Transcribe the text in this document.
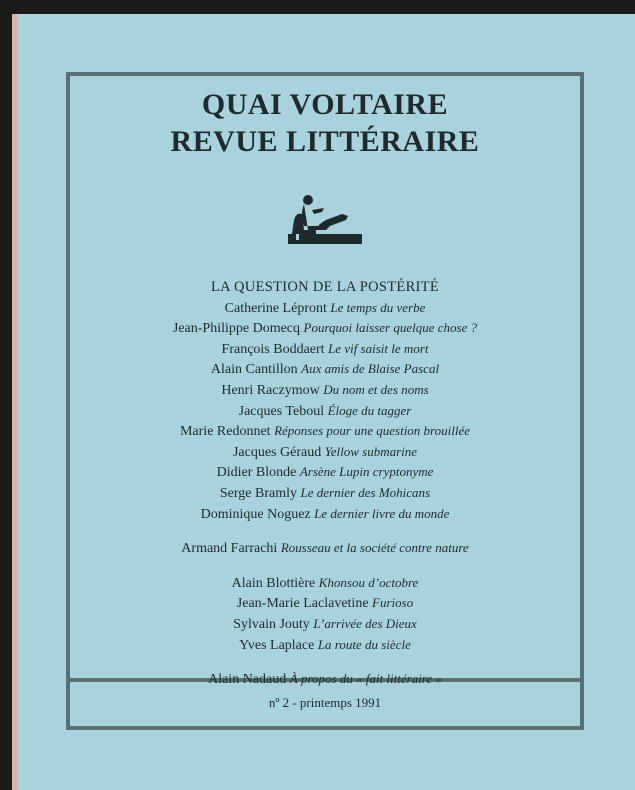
QUAI VOLTAIRE
REVUE LITTÉRAIRE
LA QUESTION DE LA POSTÉRITÉ
Catherine Lépront Le temps du verbe
Jean-Philippe Domecq Pourquoi laisser quelque chose ?
François Boddaert Le vif saisit le mort
Alain Cantillon Aux amis de Blaise Pascal
Henri Raczymow Du nom et des noms
Jacques Teboul Éloge du tagger
Marie Redonnet Réponses pour une question brouillée
Jacques Géraud Yellow submarine
Didier Blonde Arsène Lupin cryptonyme
Serge Bramly Le dernier des Mohicans
Dominique Noguez Le dernier livre du monde
Armand Farrachi Rousseau et la société contre nature
Alain Blottière Khonsou d’octobre
Jean-Marie Laclavetine Furioso
Sylvain Jouty L’arrivée des Dieux
Yves Laplace La route du siècle
Alain Nadaud À propos du « fait littéraire »
nº 2 - printemps 1991
